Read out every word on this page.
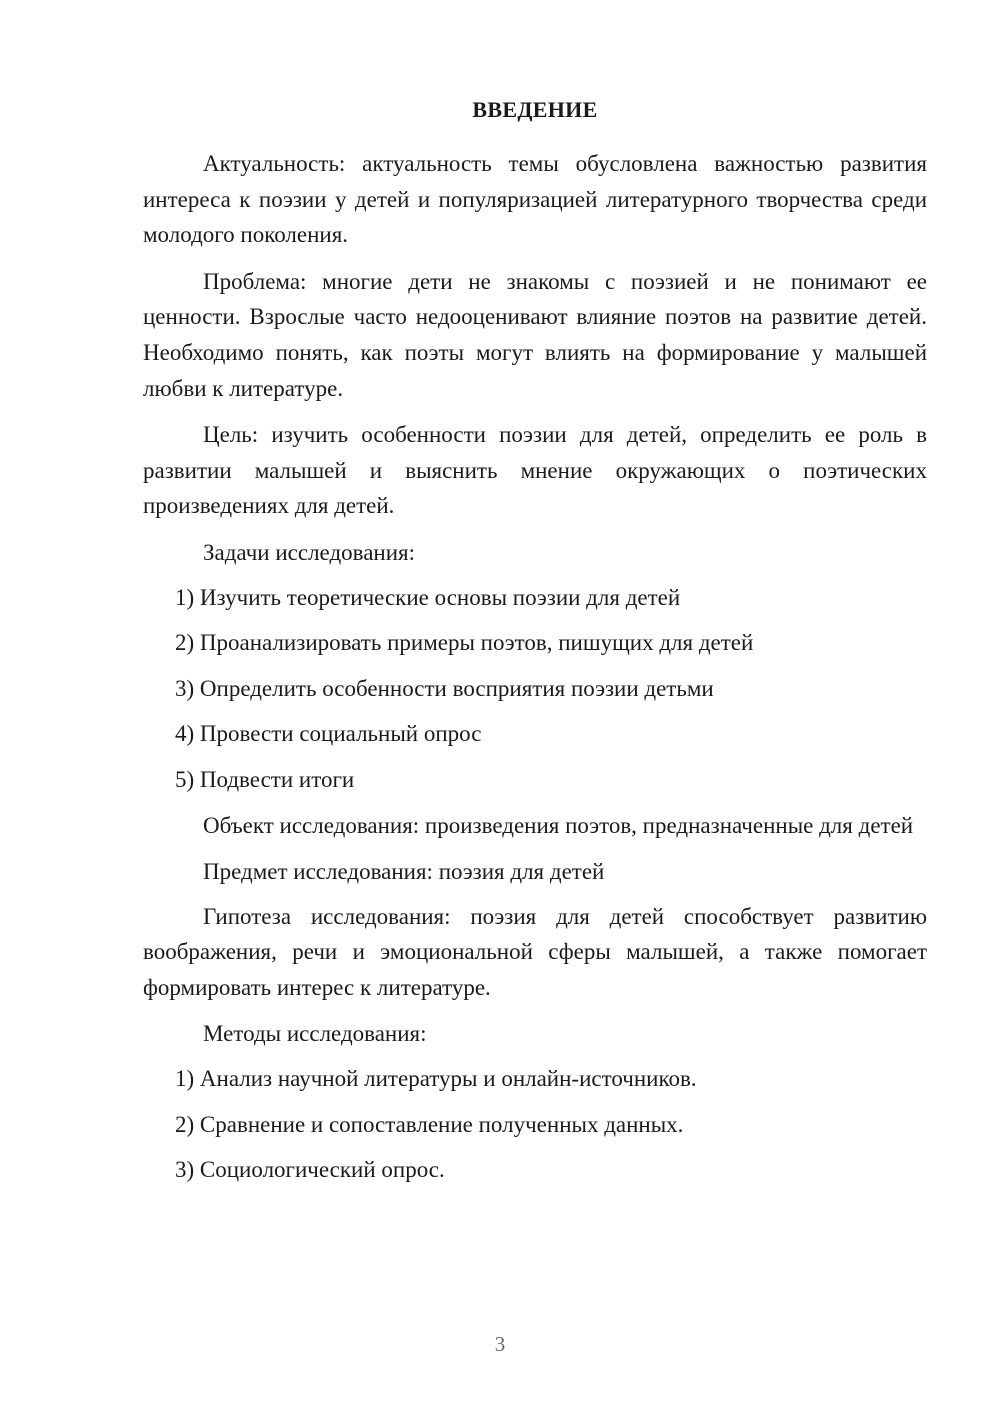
ВВЕДЕНИЕ

Актуальность: актуальность темы обусловлена важностью развития интереса к поэзии у детей и популяризацией литературного творчества среди молодого поколения.

Проблема: многие дети не знакомы с поэзией и не понимают ее ценности. Взрослые часто недооценивают влияние поэтов на развитие детей. Необходимо понять, как поэты могут влиять на формирование у малышей любви к литературе.

Цель: изучить особенности поэзии для детей, определить ее роль в развитии малышей и выяснить мнение окружающих о поэтических произведениях для детей.

Задачи исследования:

1) Изучить теоретические основы поэзии для детей
2) Проанализировать примеры поэтов, пишущих для детей
3) Определить особенности восприятия поэзии детьми
4) Провести социальный опрос
5) Подвести итоги

Объект исследования: произведения поэтов, предназначенные для детей

Предмет исследования: поэзия для детей

Гипотеза исследования: поэзия для детей способствует развитию воображения, речи и эмоциональной сферы малышей, а также помогает формировать интерес к литературе.

Методы исследования:

1) Анализ научной литературы и онлайн-источников.
2) Сравнение и сопоставление полученных данных.
3) Социологический опрос.
3
